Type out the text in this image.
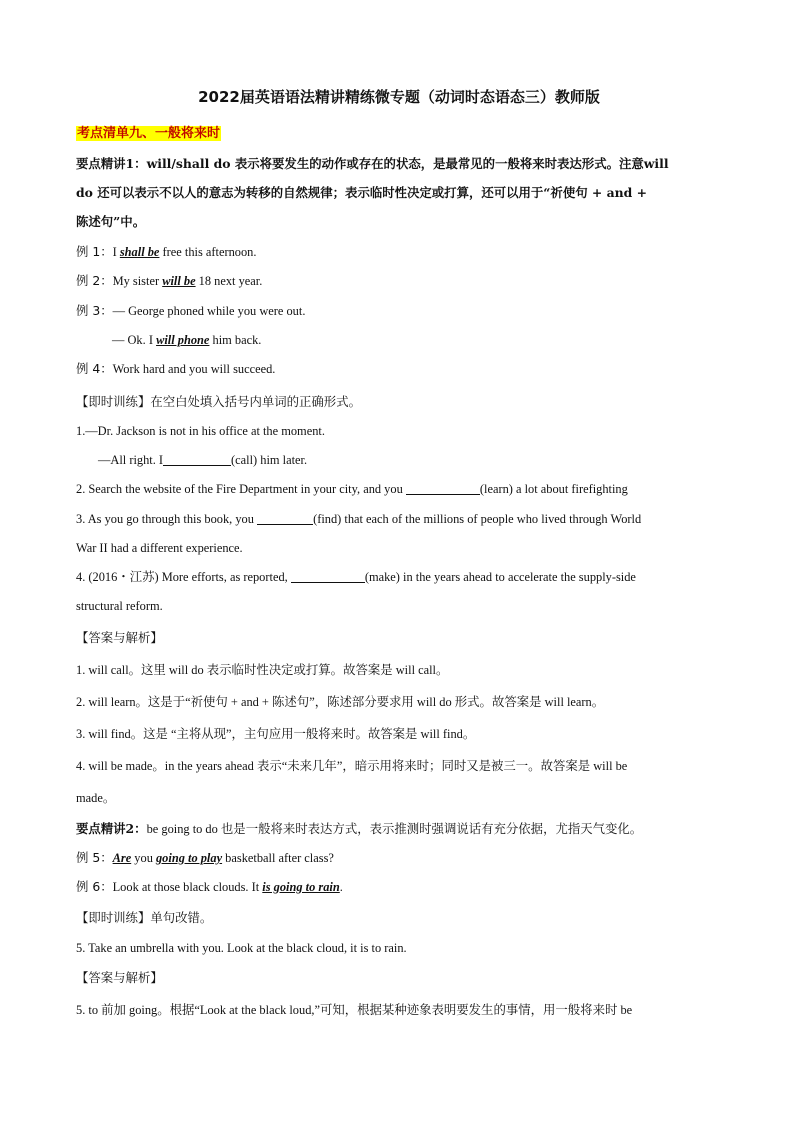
2022届英语语法精讲精练微专题（动词时态语态三）教师版
考点清单九、一般将来时
要点精讲1：will/shall do 表示将要发生的动作或存在的状态，是最常见的一般将来时表达形式。注意will
do 还可以表示不以人的意志为转移的自然规律；表示临时性决定或打算，还可以用于“祈使句 + and +
陈述句”中。
例 1：I shall be free this afternoon.
例 2：My sister will be 18 next year.
例 3：— George phoned while you were out.
— Ok. I will phone him back.
例 4：Work hard and you will succeed.
【即时训练】在空白处填入括号内单词的正确形式。
1.—Dr. Jackson is not in his office at the moment.
—All right. I	(call) him later.
2. Search the website of the Fire Department in your city, and you	(learn) a lot about firefighting
3. As you go through this book, you	(find) that each of the millions of people who lived through World
War II had a different experience.
4. (2016・江苏) More efforts, as reported,	(make) in the years ahead to accelerate the supply-side
structural reform.
【答案与解析】
1. will call。这里 will do 表示临时性决定或打算。故答案是 will call。
2. will learn。这是于“祈使句 + and + 陈述句”，陈述部分要求用 will do 形式。故答案是 will learn。
3. will find。这是 “主将从现”，主句应用一般将来时。故答案是 will find。
4. will be made。in the years ahead 表示“未来几年”，暗示用将来时；同时又是被三一。故答案是 will be
made。
要点精讲2：be going to do 也是一般将来时表达方式，表示推测时强调说话有充分依据，尤指天气变化。
例 5：Are you going to play basketball after class?
例 6：Look at those black clouds. It is going to rain.
【即时训练】单句改错。
5. Take an umbrella with you. Look at the black cloud, it is to rain.
【答案与解析】
5. to 前加 going。根据“Look at the black loud,”可知，根据某种迹象表明要发生的事情，用一般将来时 be
